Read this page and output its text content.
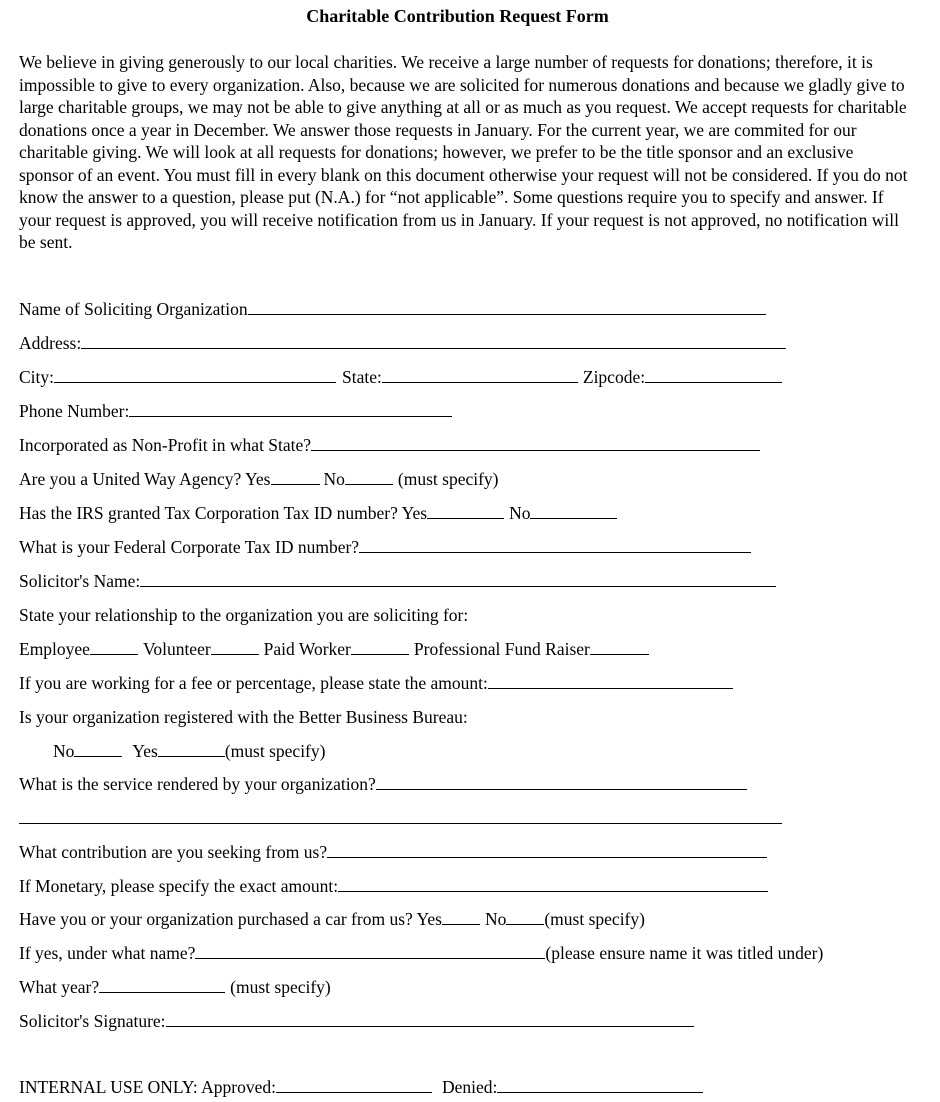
Charitable Contribution Request Form

We believe in giving generously to our local charities. We receive a large number of requests for donations; therefore, it is impossible to give to every organization. Also, because we are solicited for numerous donations and because we gladly give to large charitable groups, we may not be able to give anything at all or as much as you request. We accept requests for charitable donations once a year in December. We answer those requests in January. For the current year, we are commited for our charitable giving. We will look at all requests for donations; however, we prefer to be the title sponsor and an exclusive sponsor of an event. You must fill in every blank on this document otherwise your request will not be considered. If you do not know the answer to a question, please put (N.A.) for “not applicable”. Some questions require you to specify and answer. If your request is approved, you will receive notification from us in January. If your request is not approved, no notification will be sent.

Name of Soliciting Organization
Address:
City:	State:	Zipcode:
Phone Number:
Incorporated as Non-Profit in what State?
Are you a United Way Agency? Yes	No	(must specify)
Has the IRS granted Tax Corporation Tax ID number? Yes	No
What is your Federal Corporate Tax ID number?
Solicitor's Name:
State your relationship to the organization you are soliciting for:
Employee	Volunteer	Paid Worker	Professional Fund Raiser
If you are working for a fee or percentage, please state the amount:
Is your organization registered with the Better Business Bureau:
No	Yes	(must specify)
What is the service rendered by your organization?
What contribution are you seeking from us?
If Monetary, please specify the exact amount:
Have you or your organization purchased a car from us? Yes No (must specify)
If yes, under what name?	(please ensure name it was titled under)
What year?	(must specify)
Solicitor's Signature:
INTERNAL USE ONLY: Approved:	Denied:
